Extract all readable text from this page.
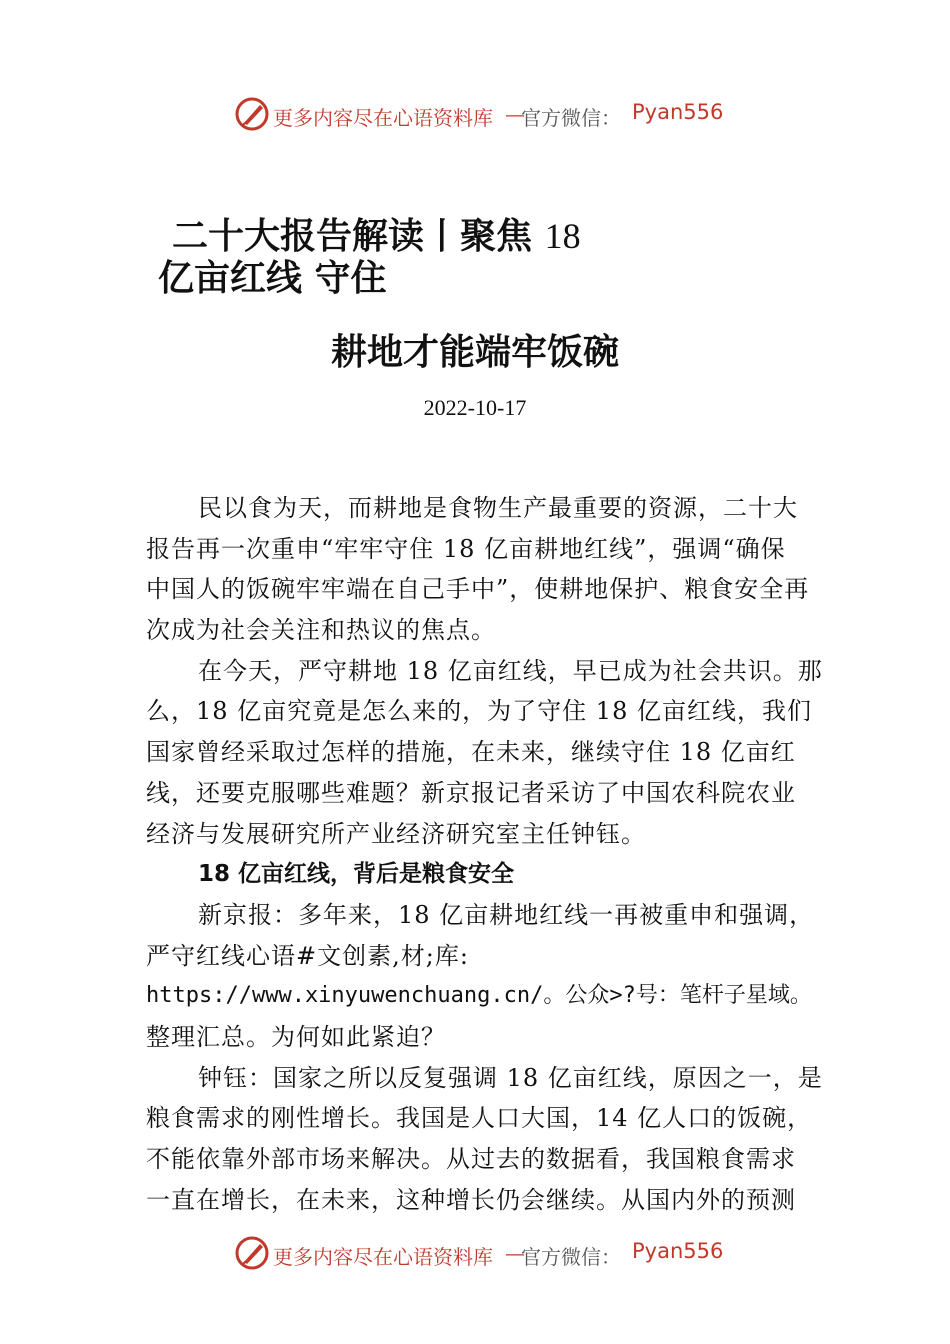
更多内容尽在心语资料库 —
官方微信： Pyan556
二十大报告解读丨聚焦 18
亿亩红线 守住
耕地才能端牢饭碗
2022-10-17
民以食为天，而耕地是食物生产最重要的资源，二十大
报告再一次重申“牢牢守住 18 亿亩耕地红线”，强调“确保
中国人的饭碗牢牢端在自己手中”，使耕地保护、粮食安全再
次成为社会关注和热议的焦点。
在今天，严守耕地 18 亿亩红线，早已成为社会共识。那
么，18 亿亩究竟是怎么来的，为了守住 18 亿亩红线，我们
国家曾经采取过怎样的措施，在未来，继续守住 18 亿亩红
线，还要克服哪些难题？新京报记者采访了中国农科院农业
经济与发展研究所产业经济研究室主任钟钰。
18 亿亩红线，背后是粮食安全
新京报：多年来，18 亿亩耕地红线一再被重申和强调，
严守红线心语#文创素,材;库:
https://www.xinyuwenchuang.cn/。公众>?号：笔杆子星域。
整理汇总。为何如此紧迫？
钟钰：国家之所以反复强调 18 亿亩红线，原因之一，是
粮食需求的刚性增长。我国是人口大国，14 亿人口的饭碗，
不能依靠外部市场来解决。从过去的数据看，我国粮食需求
一直在增长，在未来，这种增长仍会继续。从国内外的预测
更多内容尽在心语资料库 —
官方微信： Pyan556
